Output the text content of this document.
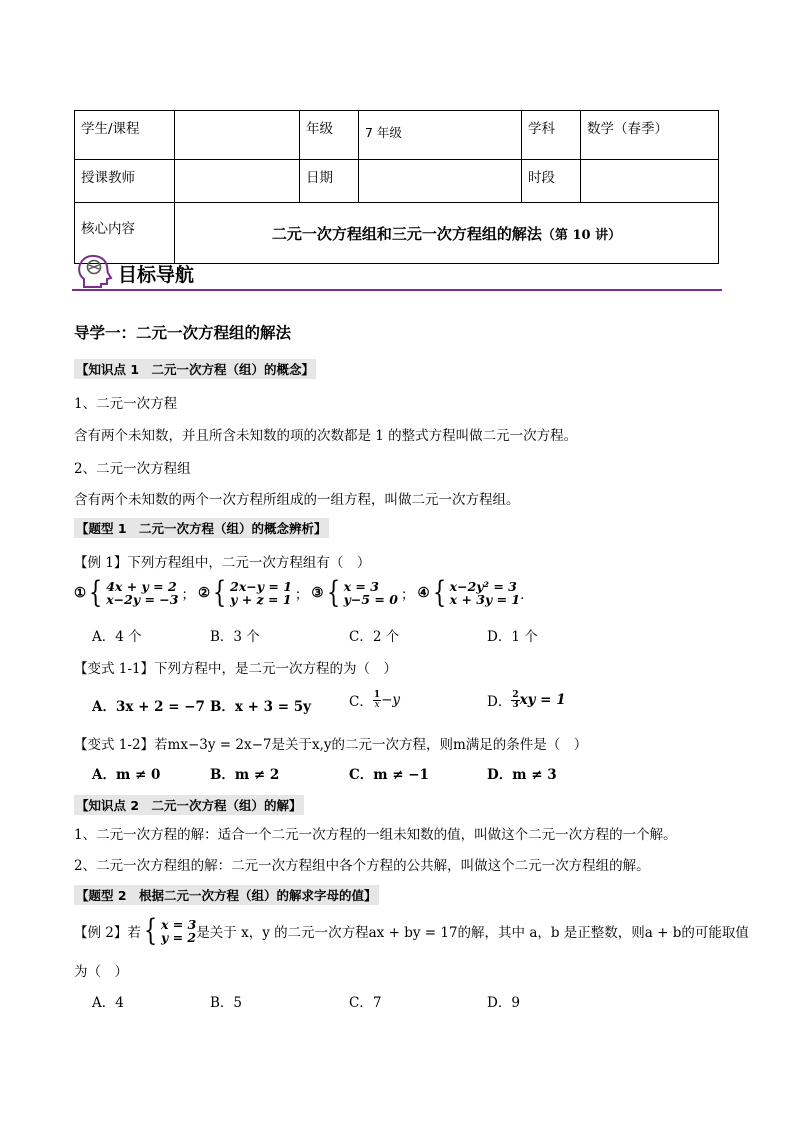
学生/课程		年级	7 年级	学科	数学（春季）
授课教师		日期		时段	
核心内容	二元一次方程组和三元一次方程组的解法（第 10 讲）				
目标导航
导学一：二元一次方程组的解法
【知识点 1　二元一次方程（组）的概念】
1、二元一次方程
含有两个未知数，并且所含未知数的项的次数都是 1 的整式方程叫做二元一次方程。
2、二元一次方程组
含有两个未知数的两个一次方程所组成的一组方程，叫做二元一次方程组。
【题型 1　二元一次方程（组）的概念辨析】
【例 1】下列方程组中，二元一次方程组有（　）
① { 4x + y = 2
x−2y = −3 ； ② { 2x−y = 1
y + z = 1 ； ③ { x = 3
y−5 = 0 ； ④ { x−2y² = 3
x + 3y = 1 ．
A．4 个	B．3 个	C．2 个	D．1 个
【变式 1-1】下列方程中，是二元一次方程的为（　）
A．3x + 2 = −7 B．x + 3 = 5y	C． $\frac{1}{x} -y$	D． $\frac{2}{3}$ xy = 1
【变式 1-2】若mx−3y = 2x−7是关于x,y的二元一次方程，则m满足的条件是（　）
A．m ≠ 0	B．m ≠ 2	C．m ≠ −1	D．m ≠ 3
【知识点 2　二元一次方程（组）的解】
1、二元一次方程的解：适合一个二元一次方程的一组未知数的值，叫做这个二元一次方程的一个解。
2、二元一次方程组的解：二元一次方程组中各个方程的公共解，叫做这个二元一次方程组的解。
【题型 2　根据二元一次方程（组）的解求字母的值】
【例 2】若 { x = 3
y = 2 是关于 x，y 的二元一次方程ax + by = 17的解，其中 a，b 是正整数，则a + b的可能取值
为（　）
A．4	B．5	C．7	D．9
